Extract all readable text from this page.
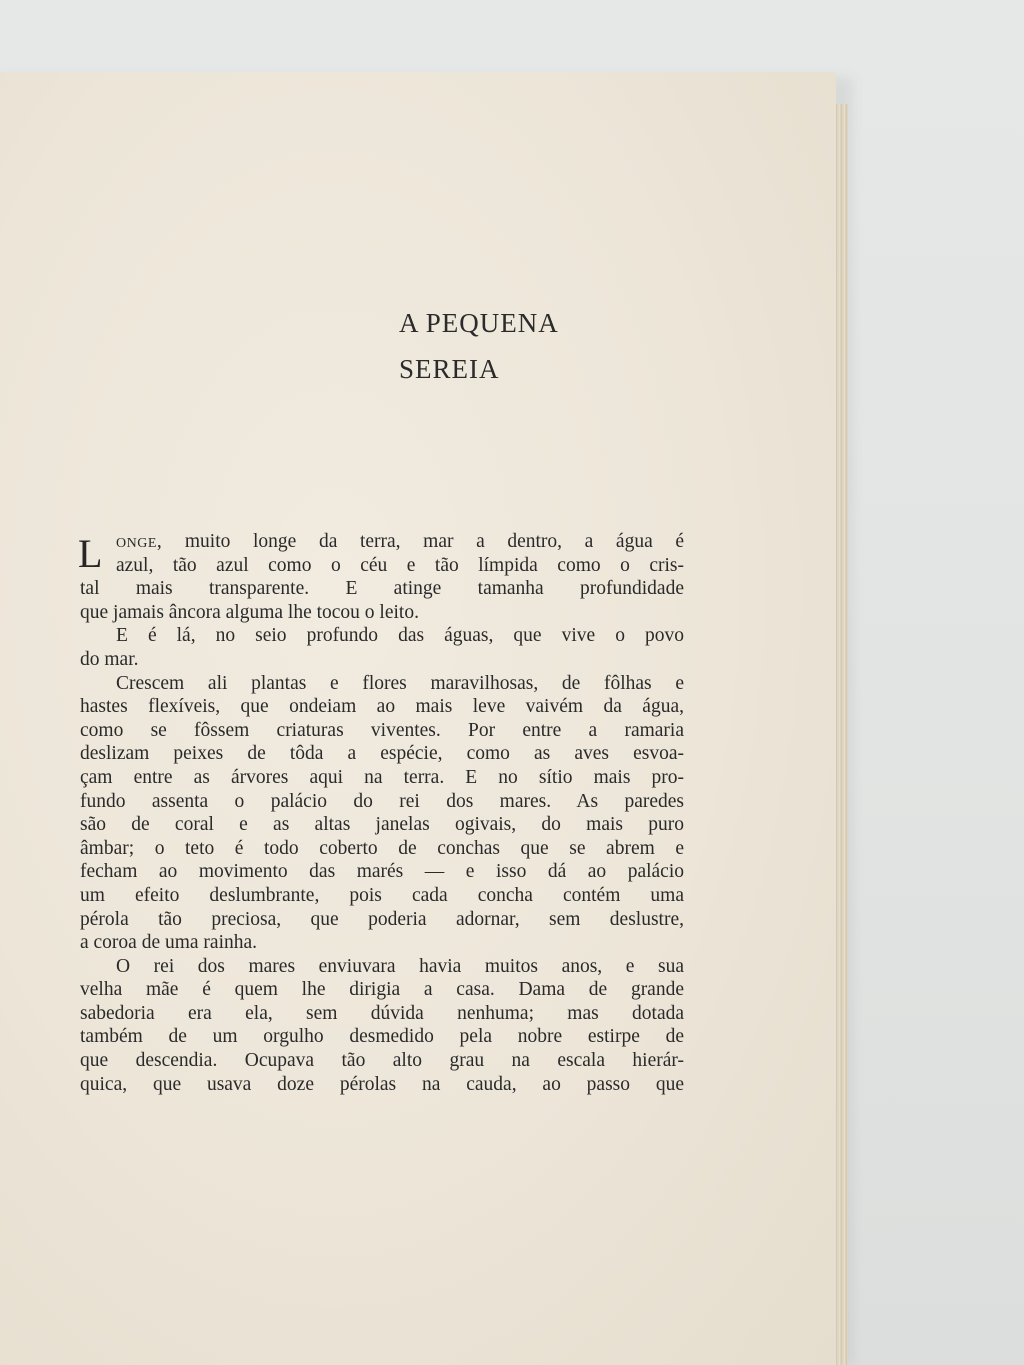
A PEQUENA
SEREIA
L onge, muito longe da terra, mar a dentro, a água é
azul, tão azul como o céu e tão límpida como o cris-
tal mais transparente. E atinge tamanha profundidade
que jamais âncora alguma lhe tocou o leito.
E é lá, no seio profundo das águas, que vive o povo
do mar.
Crescem ali plantas e flores maravilhosas, de fôlhas e
hastes flexíveis, que ondeiam ao mais leve vaivém da água,
como se fôssem criaturas viventes. Por entre a ramaria
deslizam peixes de tôda a espécie, como as aves esvoa-
çam entre as árvores aqui na terra. E no sítio mais pro-
fundo assenta o palácio do rei dos mares. As paredes
são de coral e as altas janelas ogivais, do mais puro
âmbar; o teto é todo coberto de conchas que se abrem e
fecham ao movimento das marés — e isso dá ao palácio
um efeito deslumbrante, pois cada concha contém uma
pérola tão preciosa, que poderia adornar, sem deslustre,
a coroa de uma rainha.
O rei dos mares enviuvara havia muitos anos, e sua
velha mãe é quem lhe dirigia a casa. Dama de grande
sabedoria era ela, sem dúvida nenhuma; mas dotada
também de um orgulho desmedido pela nobre estirpe de
que descendia. Ocupava tão alto grau na escala hierár-
quica, que usava doze pérolas na cauda, ao passo que
